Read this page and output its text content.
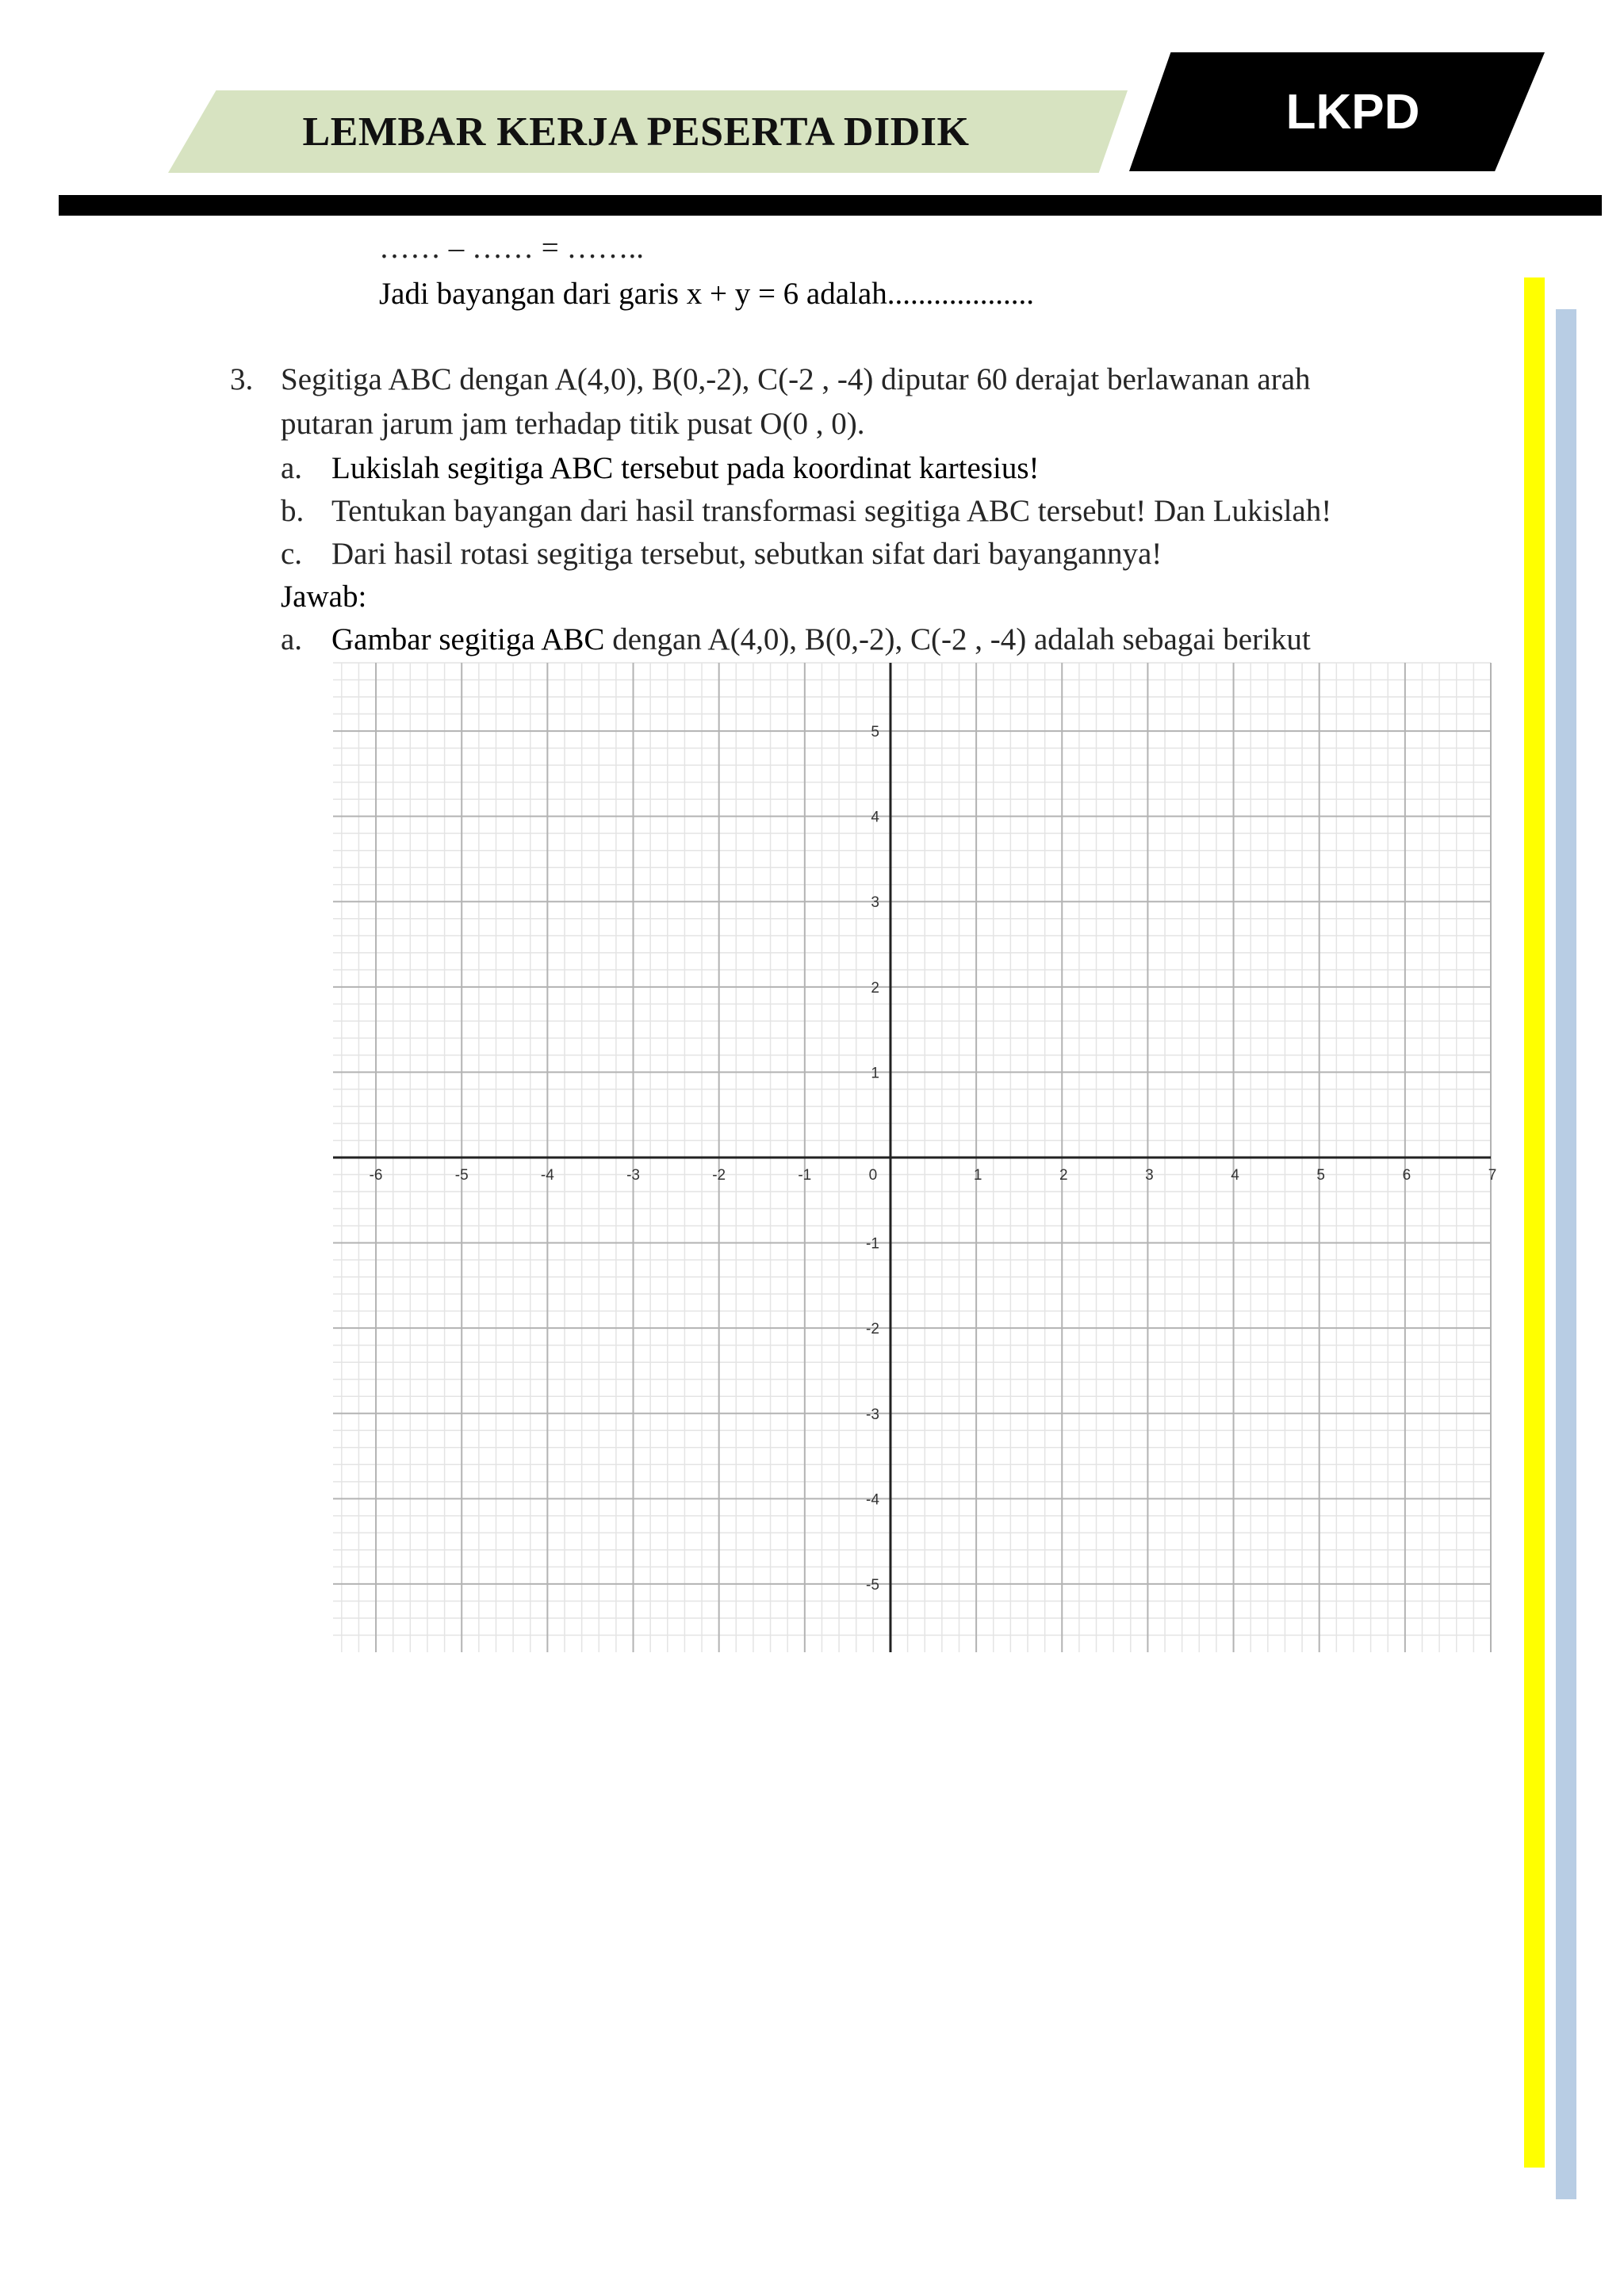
LEMBAR KERJA PESERTA DIDIK	LKPD
…… – …… = ……..
Jadi bayangan dari garis x + y = 6 adalah...................
3. Segitiga ABC dengan A(4,0), B(0,-2), C(-2 , -4) diputar 60 derajat berlawanan arah
putaran jarum jam terhadap titik pusat O(0 , 0).
a. Lukislah segitiga ABC tersebut pada koordinat kartesius!
b. Tentukan bayangan dari hasil transformasi segitiga ABC tersebut! Dan Lukislah!
c. Dari hasil rotasi segitiga tersebut, sebutkan sifat dari bayangannya!
Jawab:
a. Gambar segitiga ABC dengan A(4,0), B(0,-2), C(-2 , -4) adalah sebagai berikut
-6	-5	-4	-3	-2	-1	0	1	2	3	4	5	6	7
5
4
3
2
1
-1
-2
-3
-4
-5
